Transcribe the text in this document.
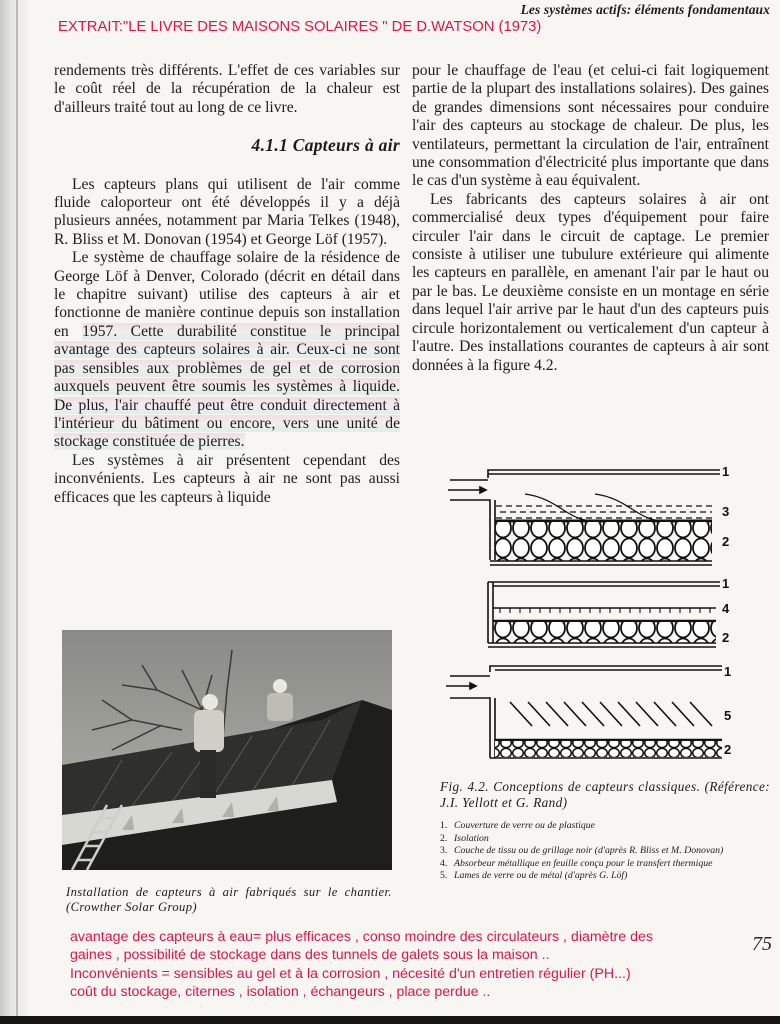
Les systèmes actifs: éléments fondamentaux
EXTRAIT:"LE LIVRE DES MAISONS SOLAIRES " DE D.WATSON (1973)

rendements très différents. L'effet de ces variables sur le coût réel de la récupération de la chaleur est d'ailleurs traité tout au long de ce livre.

4.1.1 Capteurs à air

Les capteurs plans qui utilisent de l'air comme fluide caloporteur ont été développés il y a déjà plusieurs années, notamment par Maria Telkes (1948), R. Bliss et M. Donovan (1954) et George Löf (1957).

Le système de chauffage solaire de la résidence de George Löf à Denver, Colorado (décrit en détail dans le chapitre suivant) utilise des capteurs à air et fonctionne de manière continue depuis son installation en 1957. Cette durabilité constitue le principal avantage des capteurs solaires à air. Ceux-ci ne sont pas sensibles aux problèmes de gel et de corrosion auxquels peuvent être soumis les systèmes à liquide. De plus, l'air chauffé peut être conduit directement à l'intérieur du bâtiment ou encore, vers une unité de stockage constituée de pierres.

Les systèmes à air présentent cependant des inconvénients. Les capteurs à air ne sont pas aussi efficaces que les capteurs à liquide

pour le chauffage de l'eau (et celui-ci fait logiquement partie de la plupart des installations solaires). Des gaines de grandes dimensions sont nécessaires pour conduire l'air des capteurs au stockage de chaleur. De plus, les ventilateurs, permettant la circulation de l'air, entraînent une consommation d'électricité plus importante que dans le cas d'un système à eau équivalent.

Les fabricants des capteurs solaires à air ont commercialisé deux types d'équipement pour faire circuler l'air dans le circuit de captage. Le premier consiste à utiliser une tubulure extérieure qui alimente les capteurs en parallèle, en amenant l'air par le haut ou par le bas. Le deuxième consiste en un montage en série dans lequel l'air arrive par le haut d'un des capteurs puis circule horizontalement ou verticalement d'un capteur à l'autre. Des installations courantes de capteurs à air sont données à la figure 4.2.

Installation de capteurs à air fabriqués sur le chantier. (Crowther Solar Group)
1
3
2
1
4
2
1
5
2
Fig. 4.2. Conceptions de capteurs classiques. (Référence: J.I. Yellott et G. Rand)
1. Couverture de verre ou de plastique
2. Isolation
3. Couche de tissu ou de grillage noir (d'après R. Bliss et M. Donovan)
4. Absorbeur métallique en feuille conçu pour le transfert thermique
5. Lames de verre ou de métal (d'après G. Löf)
75
avantage des capteurs à eau= plus efficaces , conso moindre des circulateurs , diamètre des
gaines , possibilité de stockage dans des tunnels de galets sous la maison ..
Inconvénients = sensibles au gel et à la corrosion , nécesité d'un entretien régulier (PH...)
coût du stockage, citernes , isolation , échangeurs , place perdue ..
